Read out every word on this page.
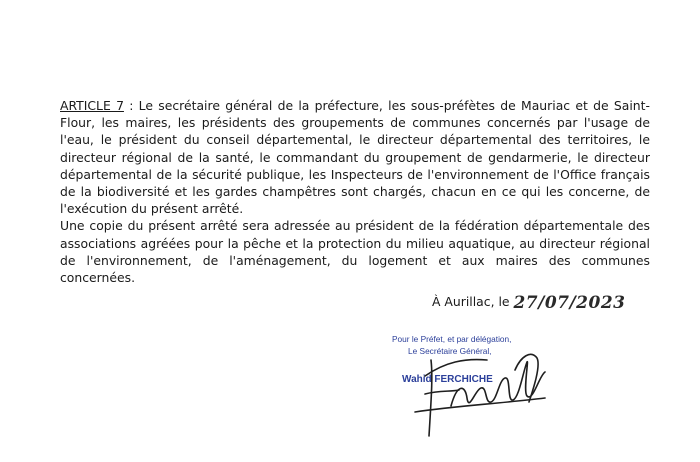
ARTICLE 7 : Le secrétaire général de la préfecture, les sous-préfètes de Mauriac et de Saint-Flour, les maires, les présidents des groupements de communes concernés par l'usage de l'eau, le président du conseil départemental, le directeur départemental des territoires, le directeur régional de la santé, le commandant du groupement de gendarmerie, le directeur départemental de la sécurité publique, les Inspecteurs de l'environnement de l'Office français de la biodiversité et les gardes champêtres sont chargés, chacun en ce qui les concerne, de l'exécution du présent arrêté.

Une copie du présent arrêté sera adressée au président de la fédération départementale des associations agréées pour la pêche et la protection du milieu aquatique, au directeur régional de l'environnement, de l'aménagement, du logement et aux maires des communes concernées.

À Aurillac, le 27/07/2023
Pour le Préfet, et par délégation,
Le Secrétaire Général,
Wahid FERCHICHE
